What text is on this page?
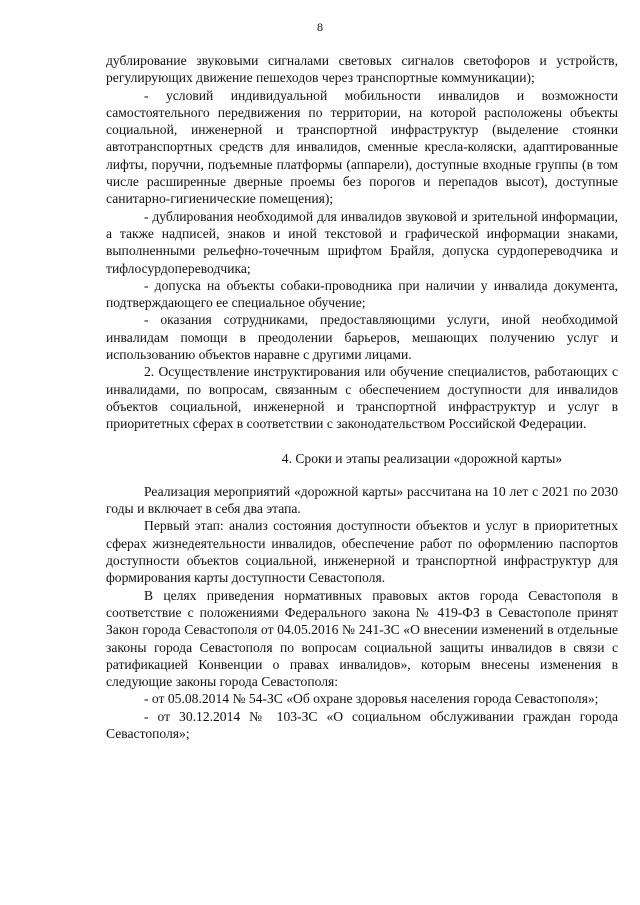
8

дублирование звуковыми сигналами световых сигналов светофоров и устройств, регулирующих движение пешеходов через транспортные коммуникации);

- условий индивидуальной мобильности инвалидов и возможности самостоятельного передвижения по территории, на которой расположены объекты социальной, инженерной и транспортной инфраструктур (выделение стоянки автотранспортных средств для инвалидов, сменные кресла-коляски, адаптированные лифты, поручни, подъемные платформы (аппарели), доступные входные группы (в том числе расширенные дверные проемы без порогов и перепадов высот), доступные санитарно-гигиенические помещения);

- дублирования необходимой для инвалидов звуковой и зрительной информации, а также надписей, знаков и иной текстовой и графической информации знаками, выполненными рельефно-точечным шрифтом Брайля, допуска сурдопереводчика и тифлосурдопереводчика;

- допуска на объекты собаки-проводника при наличии у инвалида документа, подтверждающего ее специальное обучение;

- оказания сотрудниками, предоставляющими услуги, иной необходимой инвалидам помощи в преодолении барьеров, мешающих получению услуг и использованию объектов наравне с другими лицами.

2. Осуществление инструктирования или обучение специалистов, работающих с инвалидами, по вопросам, связанным с обеспечением доступности для инвалидов объектов социальной, инженерной и транспортной инфраструктур и услуг в приоритетных сферах в соответствии с законодательством Российской Федерации.

4. Сроки и этапы реализации «дорожной карты»

Реализация мероприятий «дорожной карты» рассчитана на 10 лет с 2021 по 2030 годы и включает в себя два этапа.

Первый этап: анализ состояния доступности объектов и услуг в приоритетных сферах жизнедеятельности инвалидов, обеспечение работ по оформлению паспортов доступности объектов социальной, инженерной и транспортной инфраструктур для формирования карты доступности Севастополя.

В целях приведения нормативных правовых актов города Севастополя в соответствие с положениями Федерального закона № 419-ФЗ в Севастополе принят Закон города Севастополя от 04.05.2016 № 241-ЗС «О внесении изменений в отдельные законы города Севастополя по вопросам социальной защиты инвалидов в связи с ратификацией Конвенции о правах инвалидов», которым внесены изменения в следующие законы города Севастополя:

- от 05.08.2014 № 54-ЗС «Об охране здоровья населения города Севастополя»;

- от 30.12.2014 № 103-ЗС «О социальном обслуживании граждан города Севастополя»;
